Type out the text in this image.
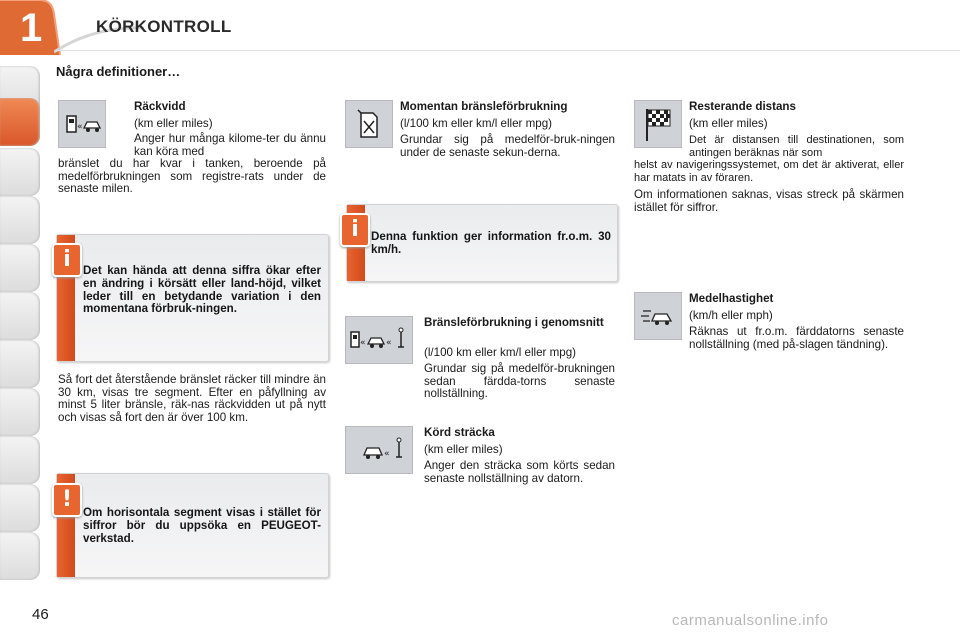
1	KÖRKONTROLL
Några definitioner…
«
Räckvidd
(km eller miles)

Anger hur många kilome-ter du ännu kan köra med

bränslet du har kvar i tanken, beroende på medelförbrukningen som registre-rats under de senaste milen.

Det kan hända att denna siffra ökar efter en ändring i körsätt eller land-höjd, vilket leder till en betydande variation i den momentana förbruk-ningen.
i

Så fort det återstående bränslet räcker till mindre än 30 km, visas tre segment. Efter en påfyllning av minst 5 liter bränsle, räk-nas räckvidden ut på nytt och visas så fort den är över 100 km.

Om horisontala segment visas i stället för siffror bör du uppsöka en PEUGEOT-verkstad.
!
Momentan bränsleförbrukning
(l/100 km eller km/l eller mpg)

Grundar sig på medelför-bruk-ningen under de senaste sekun-derna.

Denna funktion ger information fr.o.m. 30 km/h.
i
« «
Bränsleförbrukning i genomsnitt
(l/100 km eller km/l eller mpg)

Grundar sig på medelför-brukningen sedan färdda-torns senaste nollställning.

«
Körd sträcka
(km eller miles)

Anger den sträcka som körts sedan senaste nollställning av datorn.

Resterande distans
(km eller miles)

Det är distansen till destinationen, som antingen beräknas när som

helst av navigeringssystemet, om det är aktiverat, eller har matats in av föraren.

Om informationen saknas, visas streck på skärmen istället för siffror.

Medelhastighet
(km/h eller mph)

Räknas ut fr.o.m. färddatorns senaste nollställning (med på-slagen tändning).

46	carmanualsonline.info
